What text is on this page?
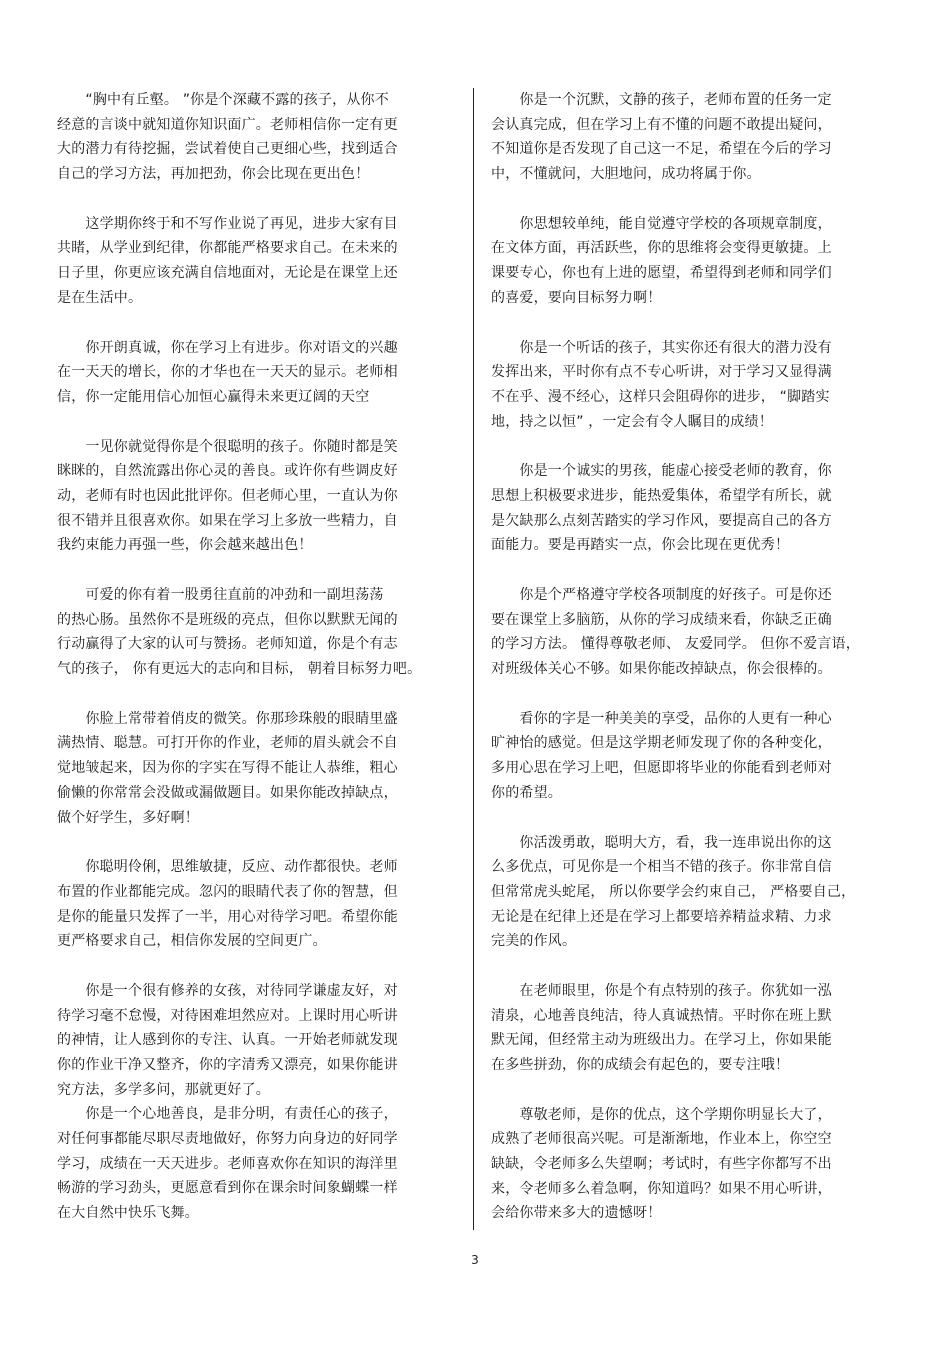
　　“胸中有丘壑。 ”你是个深藏不露的孩子，从你不
经意的言谈中就知道你知识面广。老师相信你一定有更
大的潜力有待挖掘，尝试着使自己更细心些，找到适合
自己的学习方法，再加把劲，你会比现在更出色！

　　这学期你终于和不写作业说了再见，进步大家有目
共睹，从学业到纪律，你都能严格要求自己。在未来的
日子里，你更应该充满自信地面对，无论是在课堂上还
是在生活中。

　　你开朗真诚，你在学习上有进步。你对语文的兴趣
在一天天的增长，你的才华也在一天天的显示。老师相
信，你一定能用信心加恒心赢得未来更辽阔的天空

　　一见你就觉得你是个很聪明的孩子。你随时都是笑
眯眯的，自然流露出你心灵的善良。或许你有些调皮好
动，老师有时也因此批评你。但老师心里，一直认为你
很不错并且很喜欢你。如果在学习上多放一些精力，自
我约束能力再强一些，你会越来越出色！

　　可爱的你有着一股勇往直前的冲劲和一副坦荡荡
的热心肠。虽然你不是班级的亮点，但你以默默无闻的
行动赢得了大家的认可与赞扬。老师知道，你是个有志
气的孩子， 你有更远大的志向和目标， 朝着目标努力吧。

　　你脸上常带着俏皮的微笑。你那珍珠般的眼睛里盛
满热情、聪慧。可打开你的作业，老师的眉头就会不自
觉地皱起来，因为你的字实在写得不能让人恭维，粗心
偷懒的你常常会没做或漏做题目。如果你能改掉缺点，
做个好学生，多好啊！

　　你聪明伶俐，思维敏捷，反应、动作都很快。老师
布置的作业都能完成。忽闪的眼睛代表了你的智慧，但
是你的能量只发挥了一半，用心对待学习吧。希望你能
更严格要求自己，相信你发展的空间更广。

　　你是一个很有修养的女孩，对待同学谦虚友好，对
待学习毫不怠慢，对待困难坦然应对。上课时用心听讲
的神情，让人感到你的专注、认真。一开始老师就发现
你的作业干净又整齐，你的字清秀又漂亮，如果你能讲
究方法，多学多问，那就更好了。

　　你是一个心地善良，是非分明，有责任心的孩子，
对任何事都能尽职尽责地做好，你努力向身边的好同学
学习，成绩在一天天进步。老师喜欢你在知识的海洋里
畅游的学习劲头，更愿意看到你在课余时间象蝴蝶一样
在大自然中快乐飞舞。

　　你是一个沉默，文静的孩子，老师布置的任务一定
会认真完成，但在学习上有不懂的问题不敢提出疑问，
不知道你是否发现了自己这一不足，希望在今后的学习
中，不懂就问，大胆地问，成功将属于你。

　　你思想较单纯，能自觉遵守学校的各项规章制度，
在文体方面，再活跃些，你的思维将会变得更敏捷。上
课要专心，你也有上进的愿望，希望得到老师和同学们
的喜爱，要向目标努力啊！

　　你是一个听话的孩子，其实你还有很大的潜力没有
发挥出来，平时你有点不专心听讲，对于学习又显得满
不在乎、漫不经心，这样只会阻碍你的进步， “脚踏实
地，持之以恒” ，一定会有令人瞩目的成绩！

　　你是一个诚实的男孩，能虚心接受老师的教育，你
思想上积极要求进步，能热爱集体，希望学有所长，就
是欠缺那么点刻苦踏实的学习作风，要提高自己的各方
面能力。要是再踏实一点，你会比现在更优秀！

　　你是个严格遵守学校各项制度的好孩子。可是你还
要在课堂上多脑筋，从你的学习成绩来看，你缺乏正确
的学习方法。 懂得尊敬老师、 友爱同学。 但你不爱言语，
对班级体关心不够。如果你能改掉缺点，你会很棒的。

　　看你的字是一种美美的享受，品你的人更有一种心
旷神怡的感觉。但是这学期老师发现了你的各种变化，
多用心思在学习上吧，但愿即将毕业的你能看到老师对
你的希望。

　　你活泼勇敢，聪明大方，看，我一连串说出你的这
么多优点，可见你是一个相当不错的孩子。你非常自信
但常常虎头蛇尾， 所以你要学会约束自己， 严格要自己，
无论是在纪律上还是在学习上都要培养精益求精、力求
完美的作风。

　　在老师眼里，你是个有点特别的孩子。你犹如一泓
清泉，心地善良纯洁，待人真诚热情。平时你在班上默
默无闻，但经常主动为班级出力。在学习上，你如果能
在多些拼劲，你的成绩会有起色的，要专注哦！

　　尊敬老师，是你的优点，这个学期你明显长大了，
成熟了老师很高兴呢。可是渐渐地，作业本上，你空空
缺缺，令老师多么失望啊；考试时，有些字你都写不出
来，令老师多么着急啊，你知道吗？如果不用心听讲，
会给你带来多大的遗憾呀！

3
